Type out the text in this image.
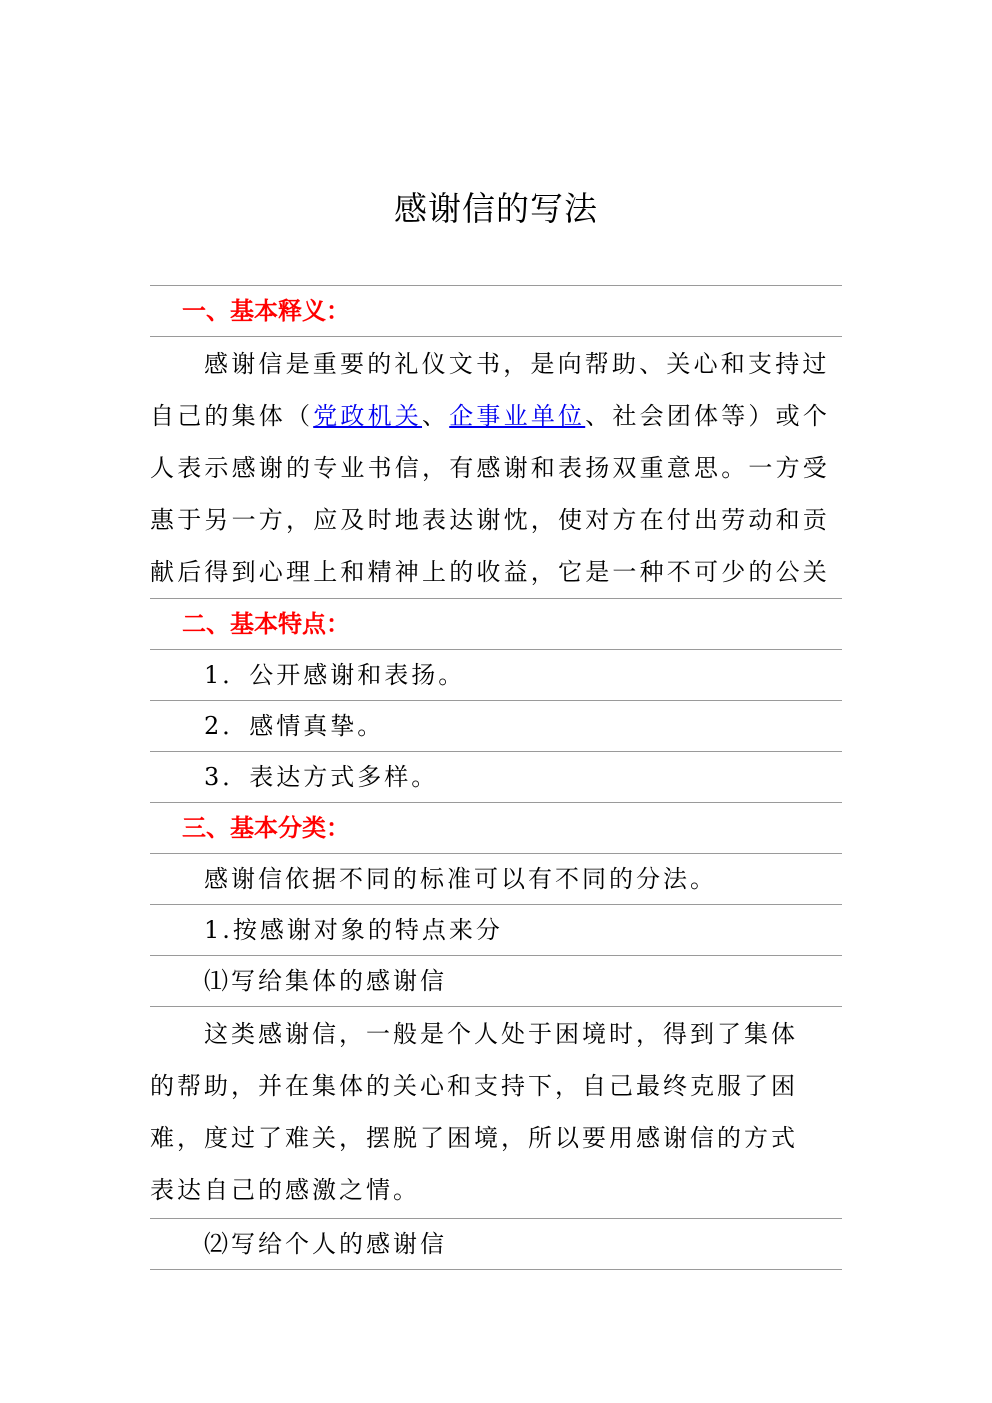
感谢信的写法
一、基本释义：
感谢信是重要的礼仪文书，是向帮助、关心和支持过自己的集体（党政机关、企事业单位、社会团体等）或个人表示感谢的专业书信，有感谢和表扬双重意思。一方受惠于另一方，应及时地表达谢忱，使对方在付出劳动和贡献后得到心理上和精神上的收益，它是一种不可少的公关
二、基本特点：
1．公开感谢和表扬。
2．感情真挚。
3．表达方式多样。
三、基本分类：
感谢信依据不同的标准可以有不同的分法。
1.按感谢对象的特点来分
⑴写给集体的感谢信
这类感谢信，一般是个人处于困境时，得到了集体的帮助，并在集体的关心和支持下，自己最终克服了困难，度过了难关，摆脱了困境，所以要用感谢信的方式表达自己的感激之情。
⑵写给个人的感谢信
